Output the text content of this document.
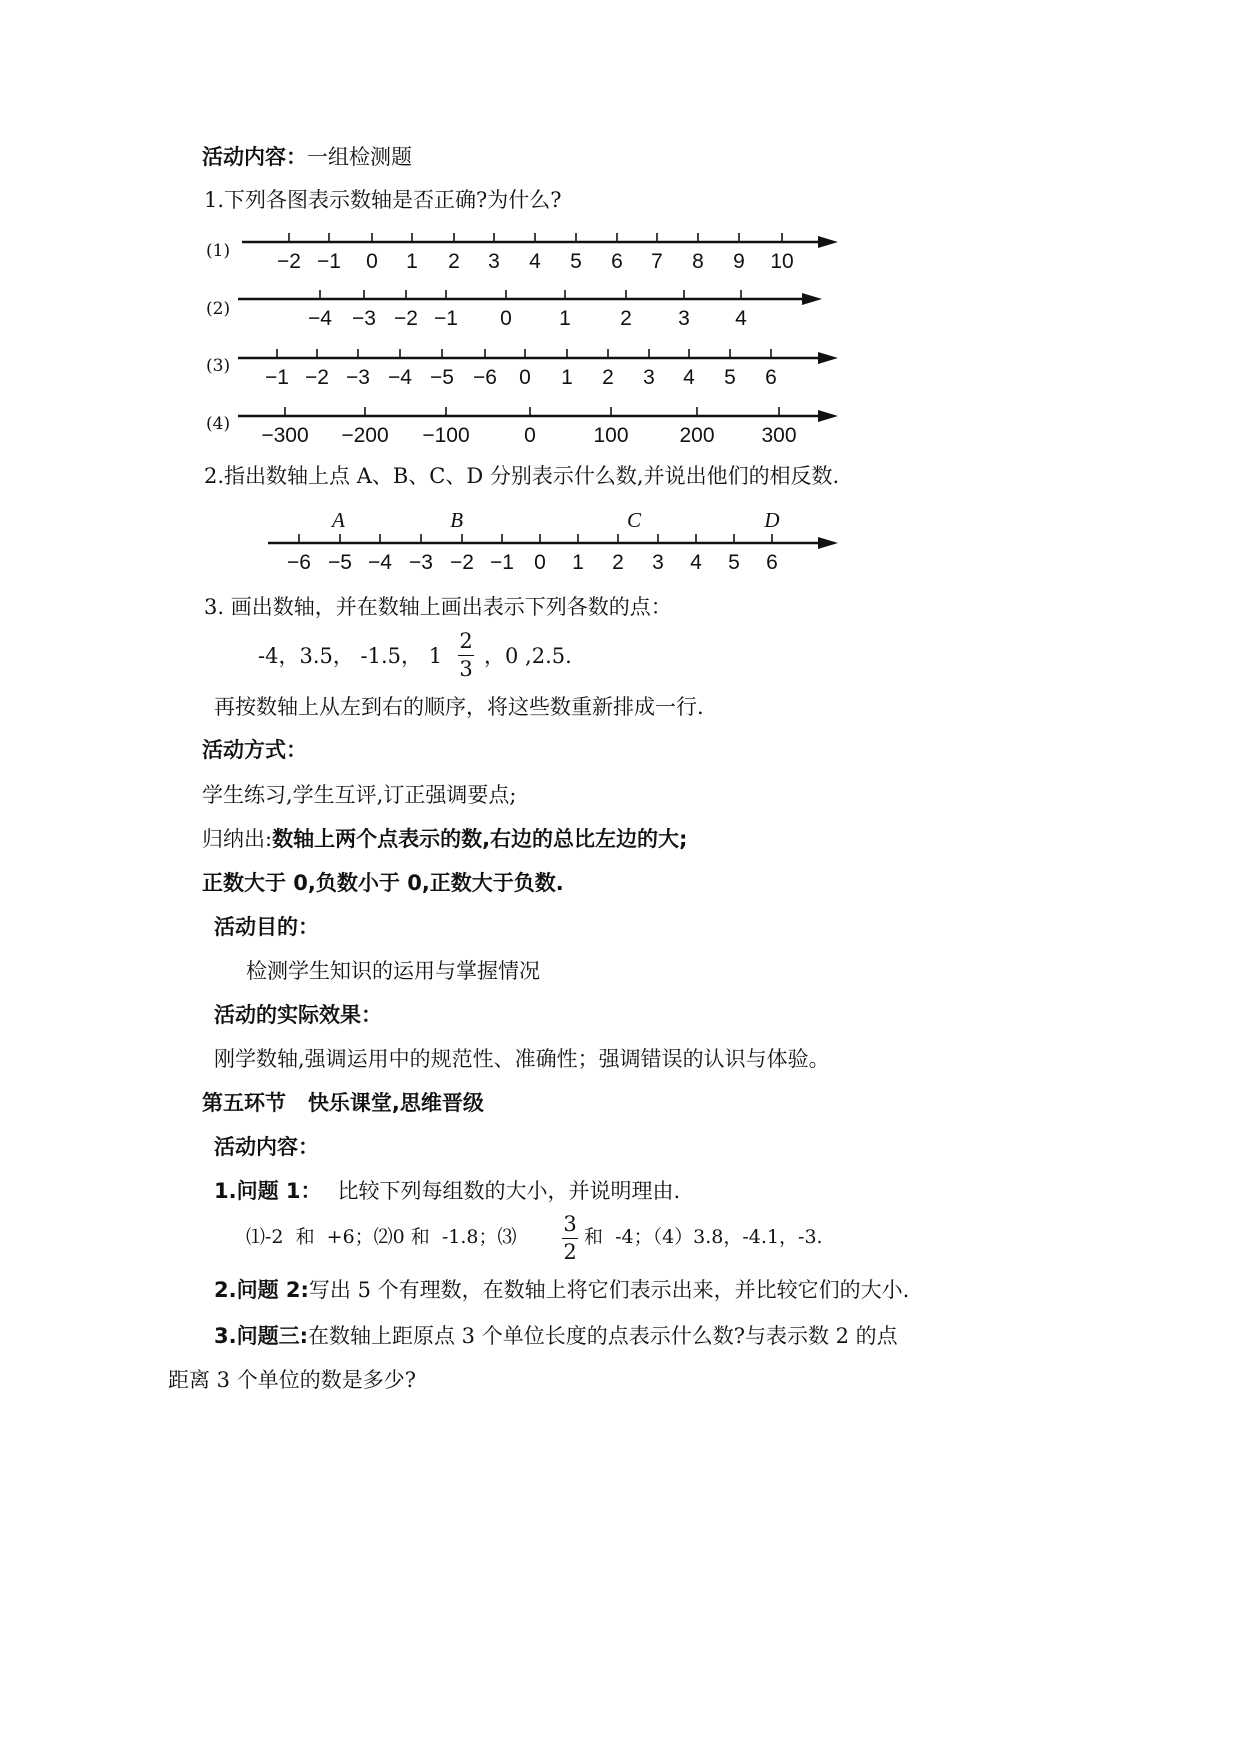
活动内容：一组检测题
1.下列各图表示数轴是否正确?为什么?
(1)
(2)
(3)
(4)
−2 −1 0 1 2 3 4 5 6 7 8 9 10
−4 −3 −2 −1 0 1 2 3 4
−1 −2 −3 −4 −5 −6 0 1 2 3 4 5 6
−300 −200 −100	0	100 200 300
−6 −5 −4 −3 −2 −1 0 1 2 3 4 5 6
A	B	C	D
2.指出数轴上点 A、B、C、D 分别表示什么数,并说出他们的相反数.
3. 画出数轴，并在数轴上画出表示下列各数的点：
-4，3.5， -1.5， 1
2
3
，0 ,2.5.
再按数轴上从左到右的顺序，将这些数重新排成一行.
活动方式：
学生练习,学生互评,订正强调要点;
归纳出:数轴上两个点表示的数,右边的总比左边的大;
正数大于 0,负数小于 0,正数大于负数.
活动目的：
检测学生知识的运用与掌握情况
活动的实际效果：
刚学数轴,强调运用中的规范性、准确性；强调错误的认识与体验。
第五环节   快乐课堂,思维晋级
活动内容：
1.问题 1： 比较下列每组数的大小，并说明理由.
⑴-2  和  +6；⑵0 和  -1.8；⑶
3
2
和  -4；（4）3.8，-4.1，-3.
2.问题 2:写出 5 个有理数，在数轴上将它们表示出来，并比较它们的大小.
3.问题三:在数轴上距原点 3 个单位长度的点表示什么数?与表示数 2 的点
距离 3 个单位的数是多少?
